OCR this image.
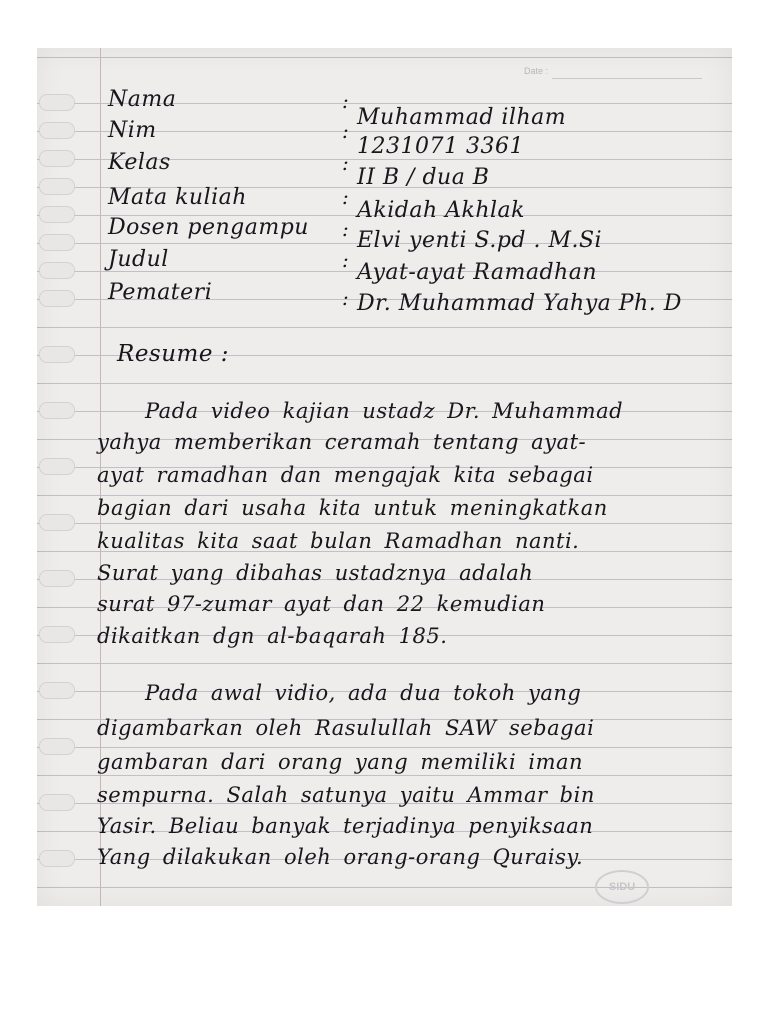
Date :
Nama	:
Muhammad ilham
Nim	:
1231071 3361
Kelas	:
II B / dua B
Mata kuliah	:
Akidah Akhlak
Dosen pengampu : Elvi yenti S.pd . M.Si
Judul	: Ayat-ayat Ramadhan
Pemateri	: Dr. Muhammad Yahya Ph. D
Resume :
Pada video kajian ustadz Dr. Muhammad
yahya memberikan ceramah tentang ayat-
ayat ramadhan dan mengajak kita sebagai
bagian dari usaha kita untuk meningkatkan
kualitas kita saat bulan Ramadhan nanti.
Surat yang dibahas ustadznya adalah
surat 97-zumar ayat dan 22 kemudian
dikaitkan dgn al-baqarah 185.
Pada awal vidio, ada dua tokoh yang
digambarkan oleh Rasulullah SAW sebagai
gambaran dari orang yang memiliki iman
sempurna. Salah satunya yaitu Ammar bin
Yasir. Beliau banyak terjadinya penyiksaan
Yang dilakukan oleh orang-orang Quraisy.
SIDU
